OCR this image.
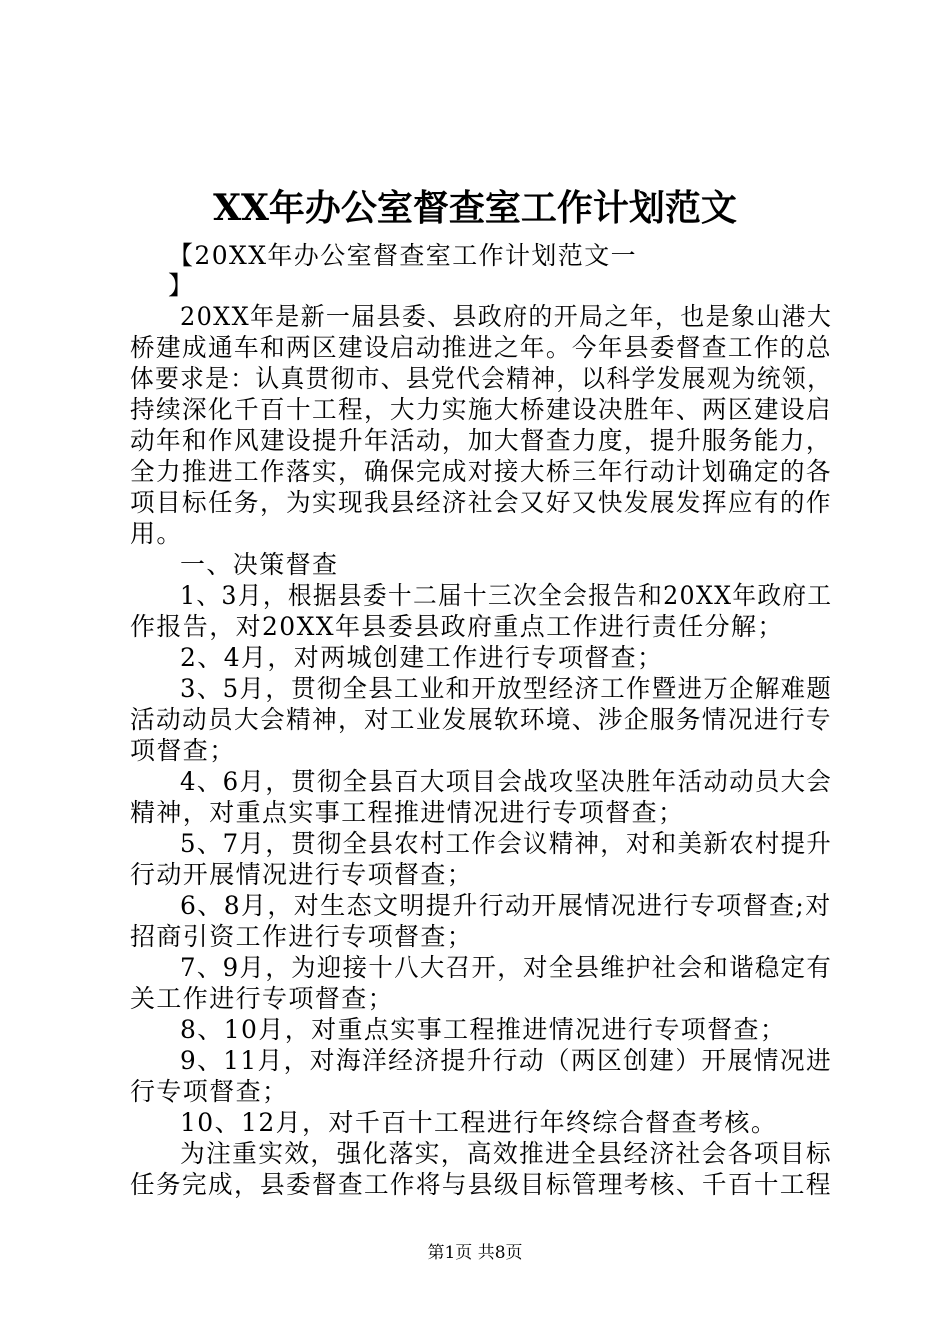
XX年办公室督查室工作计划范文
【20XX年办公室督查室工作计划范文一
】
20XX年是新一届县委、县政府的开局之年，也是象山港大
桥建成通车和两区建设启动推进之年。今年县委督查工作的总
体要求是：认真贯彻市、县党代会精神，以科学发展观为统领，
持续深化千百十工程，大力实施大桥建设决胜年、两区建设启
动年和作风建设提升年活动，加大督查力度，提升服务能力，
全力推进工作落实，确保完成对接大桥三年行动计划确定的各
项目标任务，为实现我县经济社会又好又快发展发挥应有的作
用。
一、决策督查
1、3月，根据县委十二届十三次全会报告和20XX年政府工
作报告，对20XX年县委县政府重点工作进行责任分解；
2、4月，对两城创建工作进行专项督查；
3、5月，贯彻全县工业和开放型经济工作暨进万企解难题
活动动员大会精神，对工业发展软环境、涉企服务情况进行专
项督查；
4、6月，贯彻全县百大项目会战攻坚决胜年活动动员大会
精神，对重点实事工程推进情况进行专项督查；
5、7月，贯彻全县农村工作会议精神，对和美新农村提升
行动开展情况进行专项督查；
6、8月，对生态文明提升行动开展情况进行专项督查;对
招商引资工作进行专项督查；
7、9月，为迎接十八大召开，对全县维护社会和谐稳定有
关工作进行专项督查；
8、10月，对重点实事工程推进情况进行专项督查；
9、11月，对海洋经济提升行动（两区创建）开展情况进
行专项督查；
10、12月，对千百十工程进行年终综合督查考核。
为注重实效，强化落实，高效推进全县经济社会各项目标
任务完成，县委督查工作将与县级目标管理考核、千百十工程
第1页 共8页
